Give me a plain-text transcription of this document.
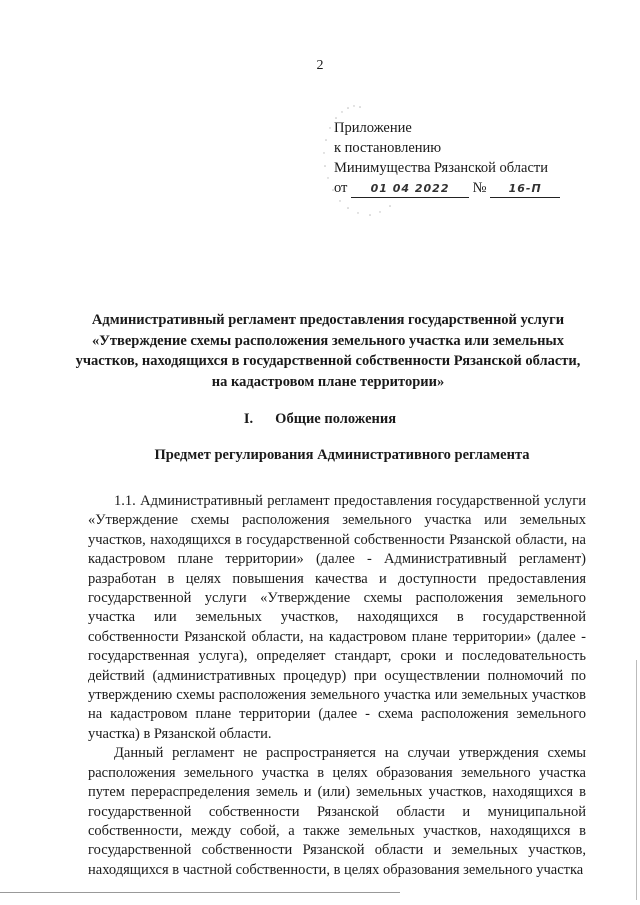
2
Приложение
к постановлению
Минимущества Рязанской области
от 01 04 2022 № 16-П
Административный регламент предоставления государственной услуги «Утверждение схемы расположения земельного участка или земельных участков, находящихся в государственной собственности Рязанской области, на кадастровом плане территории»
I. Общие положения
Предмет регулирования Административного регламента

1.1. Административный регламент предоставления государственной услуги «Утверждение схемы расположения земельного участка или земельных участков, находящихся в государственной собственности Рязанской области, на кадастровом плане территории» (далее - Административный регламент) разработан в целях повышения качества и доступности предоставления государственной услуги «Утверждение схемы расположения земельного участка или земельных участков, находящихся в государственной собственности Рязанской области, на кадастровом плане территории» (далее - государственная услуга), определяет стандарт, сроки и последовательность действий (административных процедур) при осуществлении полномочий по утверждению схемы расположения земельного участка или земельных участков на кадастровом плане территории (далее - схема расположения земельного участка) в Рязанской области.

Данный регламент не распространяется на случаи утверждения схемы расположения земельного участка в целях образования земельного участка путем перераспределения земель и (или) земельных участков, находящихся в государственной собственности Рязанской области и муниципальной собственности, между собой, а также земельных участков, находящихся в государственной собственности Рязанской области и земельных участков, находящихся в частной собственности, в целях образования земельного участка
